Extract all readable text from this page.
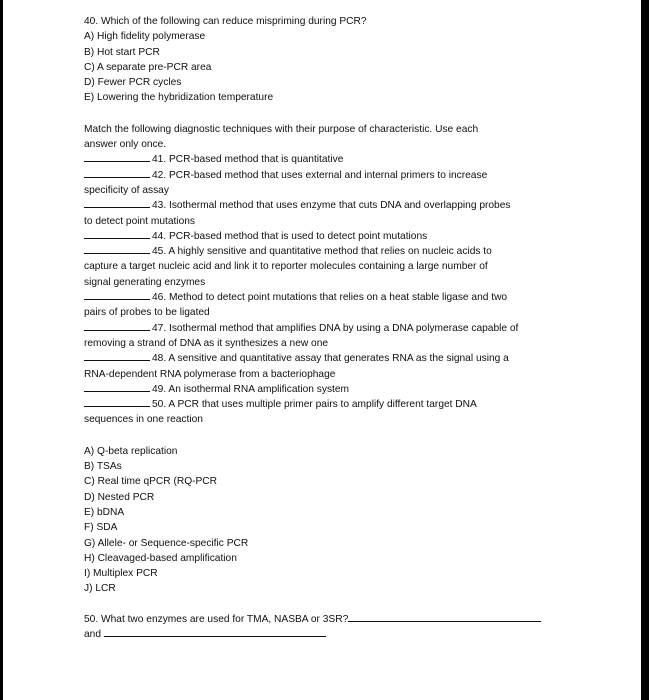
40. Which of the following can reduce mispriming during PCR?
A) High fidelity polymerase
B) Hot start PCR
C) A separate pre-PCR area
D) Fewer PCR cycles
E) Lowering the hybridization temperature
Match the following diagnostic techniques with their purpose of characteristic. Use each
answer only once.
41. PCR-based method that is quantitative
42. PCR-based method that uses external and internal primers to increase
specificity of assay
43. Isothermal method that uses enzyme that cuts DNA and overlapping probes
to detect point mutations
44. PCR-based method that is used to detect point mutations
45. A highly sensitive and quantitative method that relies on nucleic acids to
capture a target nucleic acid and link it to reporter molecules containing a large number of
signal generating enzymes
46. Method to detect point mutations that relies on a heat stable ligase and two
pairs of probes to be ligated
47. Isothermal method that amplifies DNA by using a DNA polymerase capable of
removing a strand of DNA as it synthesizes a new one
48. A sensitive and quantitative assay that generates RNA as the signal using a
RNA-dependent RNA polymerase from a bacteriophage
49. An isothermal RNA amplification system
50. A PCR that uses multiple primer pairs to amplify different target DNA
sequences in one reaction
A) Q-beta replication
B) TSAs
C) Real time qPCR (RQ-PCR
D) Nested PCR
E) bDNA
F) SDA
G) Allele- or Sequence-specific PCR
H) Cleavaged-based amplification
I) Multiplex PCR
J) LCR
50. What two enzymes are used for TMA, NASBA or 3SR?
and
